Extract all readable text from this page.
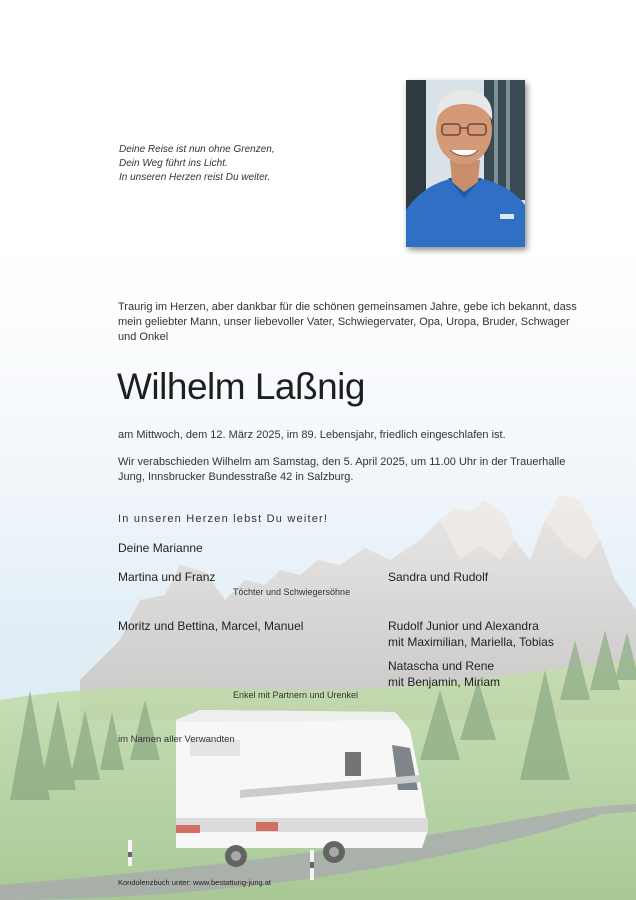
Deine Reise ist nun ohne Grenzen,
Dein Weg führt ins Licht.
In unseren Herzen reist Du weiter.

Traurig im Herzen, aber dankbar für die schönen gemeinsamen Jahre, gebe ich bekannt, dass mein geliebter Mann, unser liebevoller Vater, Schwiegervater, Opa, Uropa, Bruder, Schwager und Onkel

Wilhelm Laßnig

am Mittwoch, dem 12. März 2025, im 89. Lebensjahr, friedlich eingeschlafen ist.

Wir verabschieden Wilhelm am Samstag, den 5. April 2025, um 11.00 Uhr in der Trauerhalle Jung, Innsbrucker Bundesstraße 42 in Salzburg.

In unseren Herzen lebst Du weiter!
Deine Marianne
Martina und Franz	Sandra und Rudolf
Töchter und Schwiegersöhne
Moritz und Bettina, Marcel, Manuel	Rudolf Junior und Alexandra
mit Maximilian, Mariella, Tobias
Natascha und Rene
mit Benjamin, Miriam
Enkel mit Partnern und Urenkel
im Namen aller Verwandten
Kondolenzbuch unter: www.bestattung-jung.at
